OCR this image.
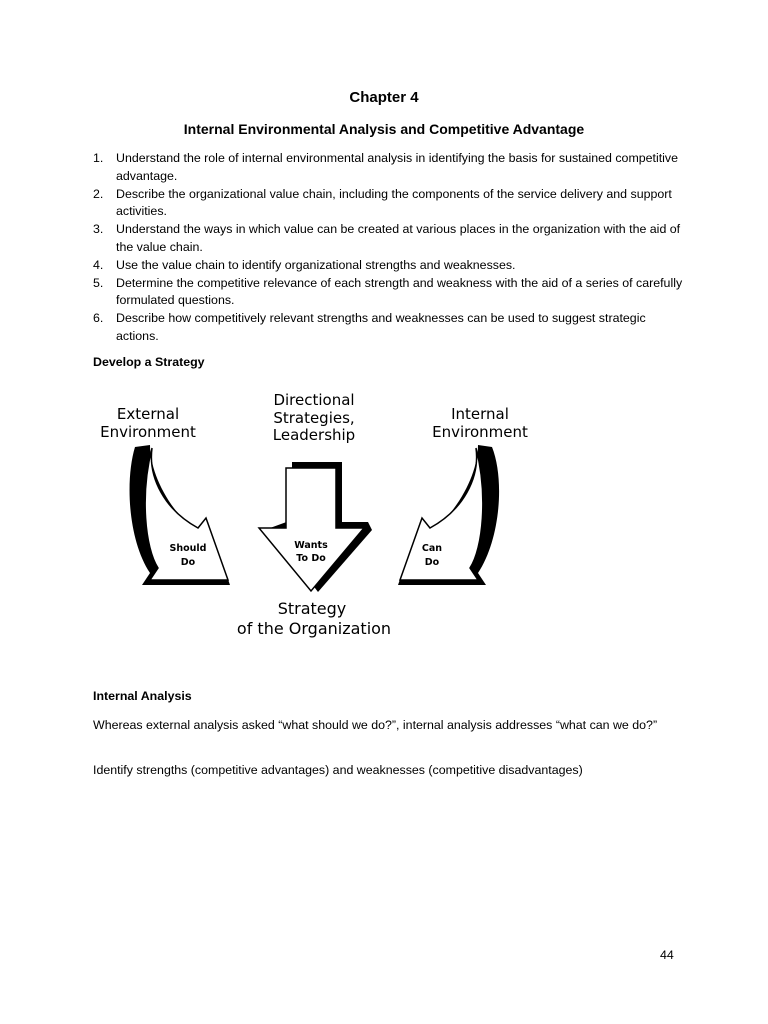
Chapter 4
Internal Environmental Analysis and Competitive Advantage
1. Understand the role of internal environmental analysis in identifying the basis for sustained competitive advantage.
2. Describe the organizational value chain, including the components of the service delivery and support activities.
3. Understand the ways in which value can be created at various places in the organization with the aid of the value chain.
4. Use the value chain to identify organizational strengths and weaknesses.
5. Determine the competitive relevance of each strength and weakness with the aid of a series of carefully formulated questions.
6. Describe how competitively relevant strengths and weaknesses can be used to suggest strategic actions.
Develop a Strategy
External
Environment
Directional
Strategies,
Leadership
Internal
Environment
Should
Do
Wants
To Do
Can
Do
Strategy
of the Organization
Internal Analysis
Whereas external analysis asked “what should we do?”, internal analysis addresses “what can we do?”
Identify strengths (competitive advantages) and weaknesses (competitive disadvantages)
44
